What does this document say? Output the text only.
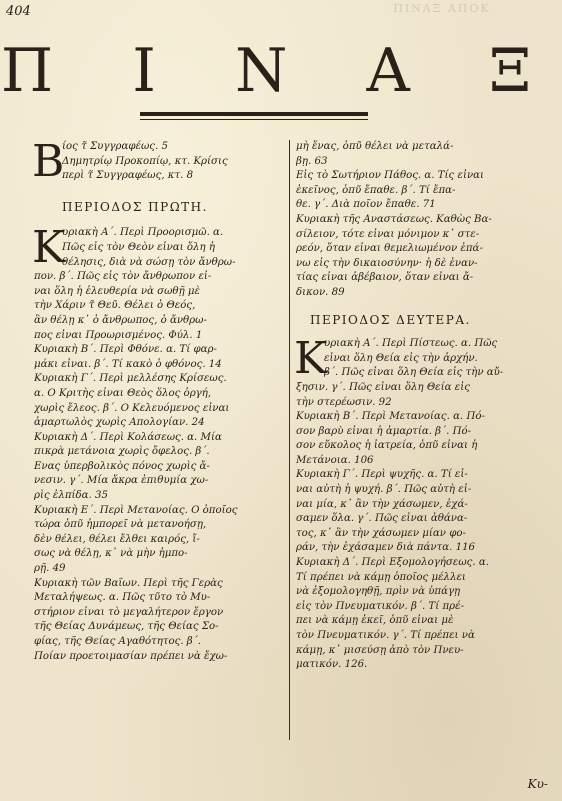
ΠΙΝΑΞ ΑΠΟΚ
404
Π Ι Ν Α Ξ
B
ίος τ̃ Συγγραφέως. 5
Δημητρίῳ Προκοπίῳ, κτ. Κρίσις
περὶ τ̃ Συγγραφέως, κτ. 8
ΠΕΡΙΟΔΟΣ ΠΡΩΤΗ.
K
υριακὴ Α΄. Περὶ Προορισμῶ. α.
Πῶς εἰς τὸν Θεὸν εἶναι ὅλη ἡ
θέλησις, διὰ νὰ σώσῃ τὸν ἄνθρω-
πον. β΄. Πῶς εἰς τὸν ἄνθρωπον εἶ-
ναι ὅλη ἡ ἐλευθερία νὰ σωθῇ μὲ
τὴν Χάριν τ̃ Θεῦ. Θέλει ὁ Θεός,
ἂν θέλῃ κ᾽ ὁ ἄνθρωπος, ὁ ἄνθρω-
πος εἶναι Προωρισμένος. Φύλ. 1
Κυριακὴ Β΄. Περὶ Φθόνε. α. Τί φαρ-
μάκι εἶναι. β΄. Τί κακὸ ὁ φθόνος. 14
Κυριακὴ Γ΄. Περὶ μελλέσης Κρίσεως.
α. Ο Κριτὴς εἶναι Θεὸς ὅλος ὀργή,
χωρὶς ἔλεος. β΄. Ο Κελευόμενος εἶναι
ἁμαρτωλὸς χωρὶς Απολογίαν. 24
Κυριακὴ Δ΄. Περὶ Κολάσεως. α. Μία
πικρὰ μετάνοια χωρὶς ὄφελος. β΄.
Ενας ὑπερβολικὸς πόνος χωρὶς ἄ-
νεσιν. γ΄. Μία ἄκρα ἐπιθυμία χω-
ρὶς ἐλπίδα. 35
Κυριακὴ Ε΄. Περὶ Μετανοίας. Ο ὁποῖος
τώρα ὁπῦ ἠμπορεῖ νὰ μετανοήσῃ,
δὲν θέλει, θέλει ἔλθει καιρός, ἴ-
σως νὰ θέλῃ, κ᾽ νὰ μὴν ἠμπο-
ρῇ. 49
Κυριακὴ τῶν Βαΐων. Περὶ τῆς Γερὰς
Μεταλήψεως. α. Πῶς τῦτο τὸ Μυ-
στήριον εἶναι τὸ μεγαλήτερον ἔργον
τῆς Θείας Δυνάμεως, τῆς Θείας Σο-
φίας, τῆς Θείας Αγαθότητος. β΄.
Ποίαν προετοιμασίαν πρέπει νὰ ἔχω-
μὴ ἕνας, ὁπῦ θέλει νὰ μεταλά-
βῃ. 63
Εἰς τὸ Σωτήριον Πάθος. α. Τίς εἶναι
ἐκεῖνος, ὁπῦ ἔπαθε. β΄. Τί ἔπα-
θε. γ΄. Διὰ ποῖον ἔπαθε. 71
Κυριακὴ τῆς Αναστάσεως. Καθὼς Βα-
σίλειον, τότε εἶναι μόνιμον κ᾽ στε-
ρεόν, ὅταν εἶναι θεμελιωμένον ἐπά-
νω εἰς τὴν δικαιοσύνην· ἡ δὲ ἐναν-
τίας εἶναι ἀβέβαιον, ὅταν εἶναι ἄ-
δικον. 89
ΠΕΡΙΟΔΟΣ ΔΕΥΤΕΡΑ.
K
υριακὴ Α΄. Περὶ Πίστεως. α. Πῶς
εἶναι ὅλη Θεία εἰς τὴν ἀρχήν.
β΄. Πῶς εἶναι ὅλη Θεία εἰς τὴν αὔ-
ξησιν. γ΄. Πῶς εἶναι ὅλη Θεία εἰς
τὴν στερέωσιν. 92
Κυριακὴ Β΄. Περὶ Μετανοίας. α. Πό-
σον βαρὺ εἶναι ἡ ἁμαρτία. β΄. Πό-
σον εὔκολος ἡ ἰατρεία, ὁπῦ εἶναι ἡ
Μετάνοια. 106
Κυριακὴ Γ΄. Περὶ ψυχῆς. α. Τί εἶ-
ναι αὐτὴ ἡ ψυχή. β΄. Πῶς αὐτὴ εἶ-
ναι μία, κ᾽ ἂν τὴν χάσωμεν, ἐχά-
σαμεν ὅλα. γ΄. Πῶς εἶναι ἀθάνα-
τος, κ᾽ ἂν τὴν χάσωμεν μίαν φο-
ράν, τὴν ἐχάσαμεν διὰ πάντα. 116
Κυριακὴ Δ΄. Περὶ Εξομολογήσεως. α.
Τί πρέπει νὰ κάμῃ ὁποῖος μέλλει
νὰ ἐξομολογηθῇ, πρὶν νὰ ὑπάγῃ
εἰς τὸν Πνευματικόν. β΄. Τί πρέ-
πει νὰ κάμῃ ἐκεῖ, ὁπῦ εἶναι μὲ
τὸν Πνευματικόν. γ΄. Τί πρέπει νὰ
κάμῃ, κ᾽ μισεύσῃ ἀπὸ τὸν Πνευ-
ματικόν. 126.
Κυ-
